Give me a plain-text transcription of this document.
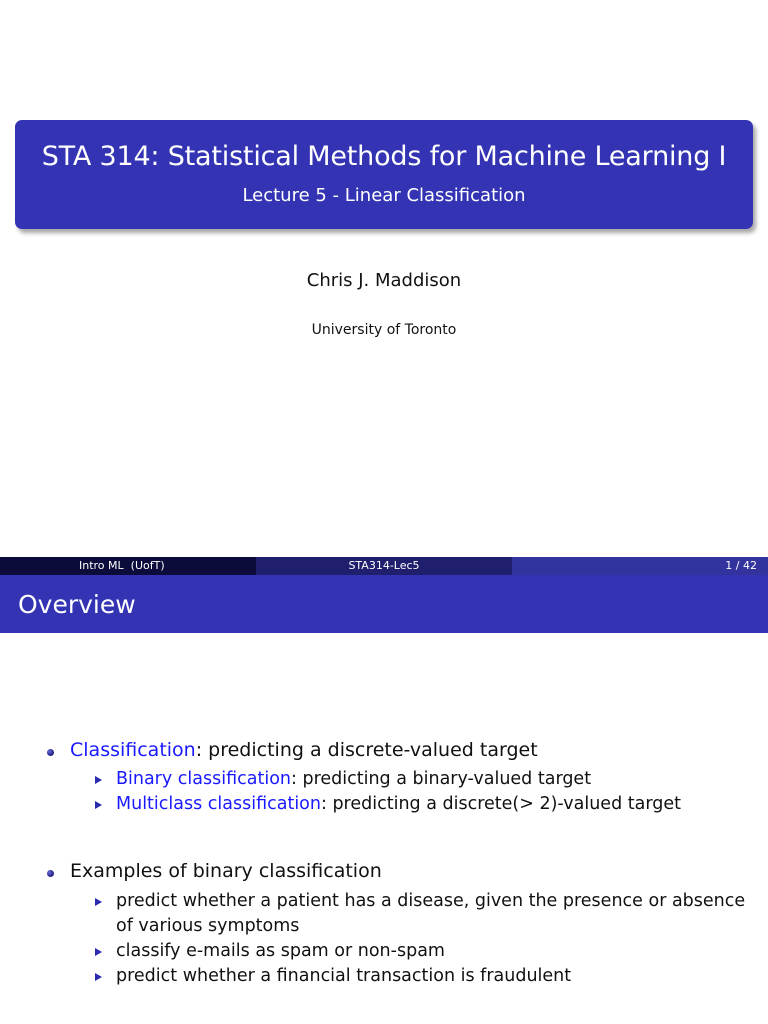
STA 314: Statistical Methods for Machine Learning I
Lecture 5 - Linear Classification
Chris J. Maddison
University of Toronto
Intro ML  (UofT)	STA314-Lec5	1 / 42
Overview
Classification: predicting a discrete-valued target
Binary classification: predicting a binary-valued target
Multiclass classification: predicting a discrete(> 2)-valued target
Examples of binary classification
predict whether a patient has a disease, given the presence or absence
of various symptoms
classify e-mails as spam or non-spam
predict whether a financial transaction is fraudulent
